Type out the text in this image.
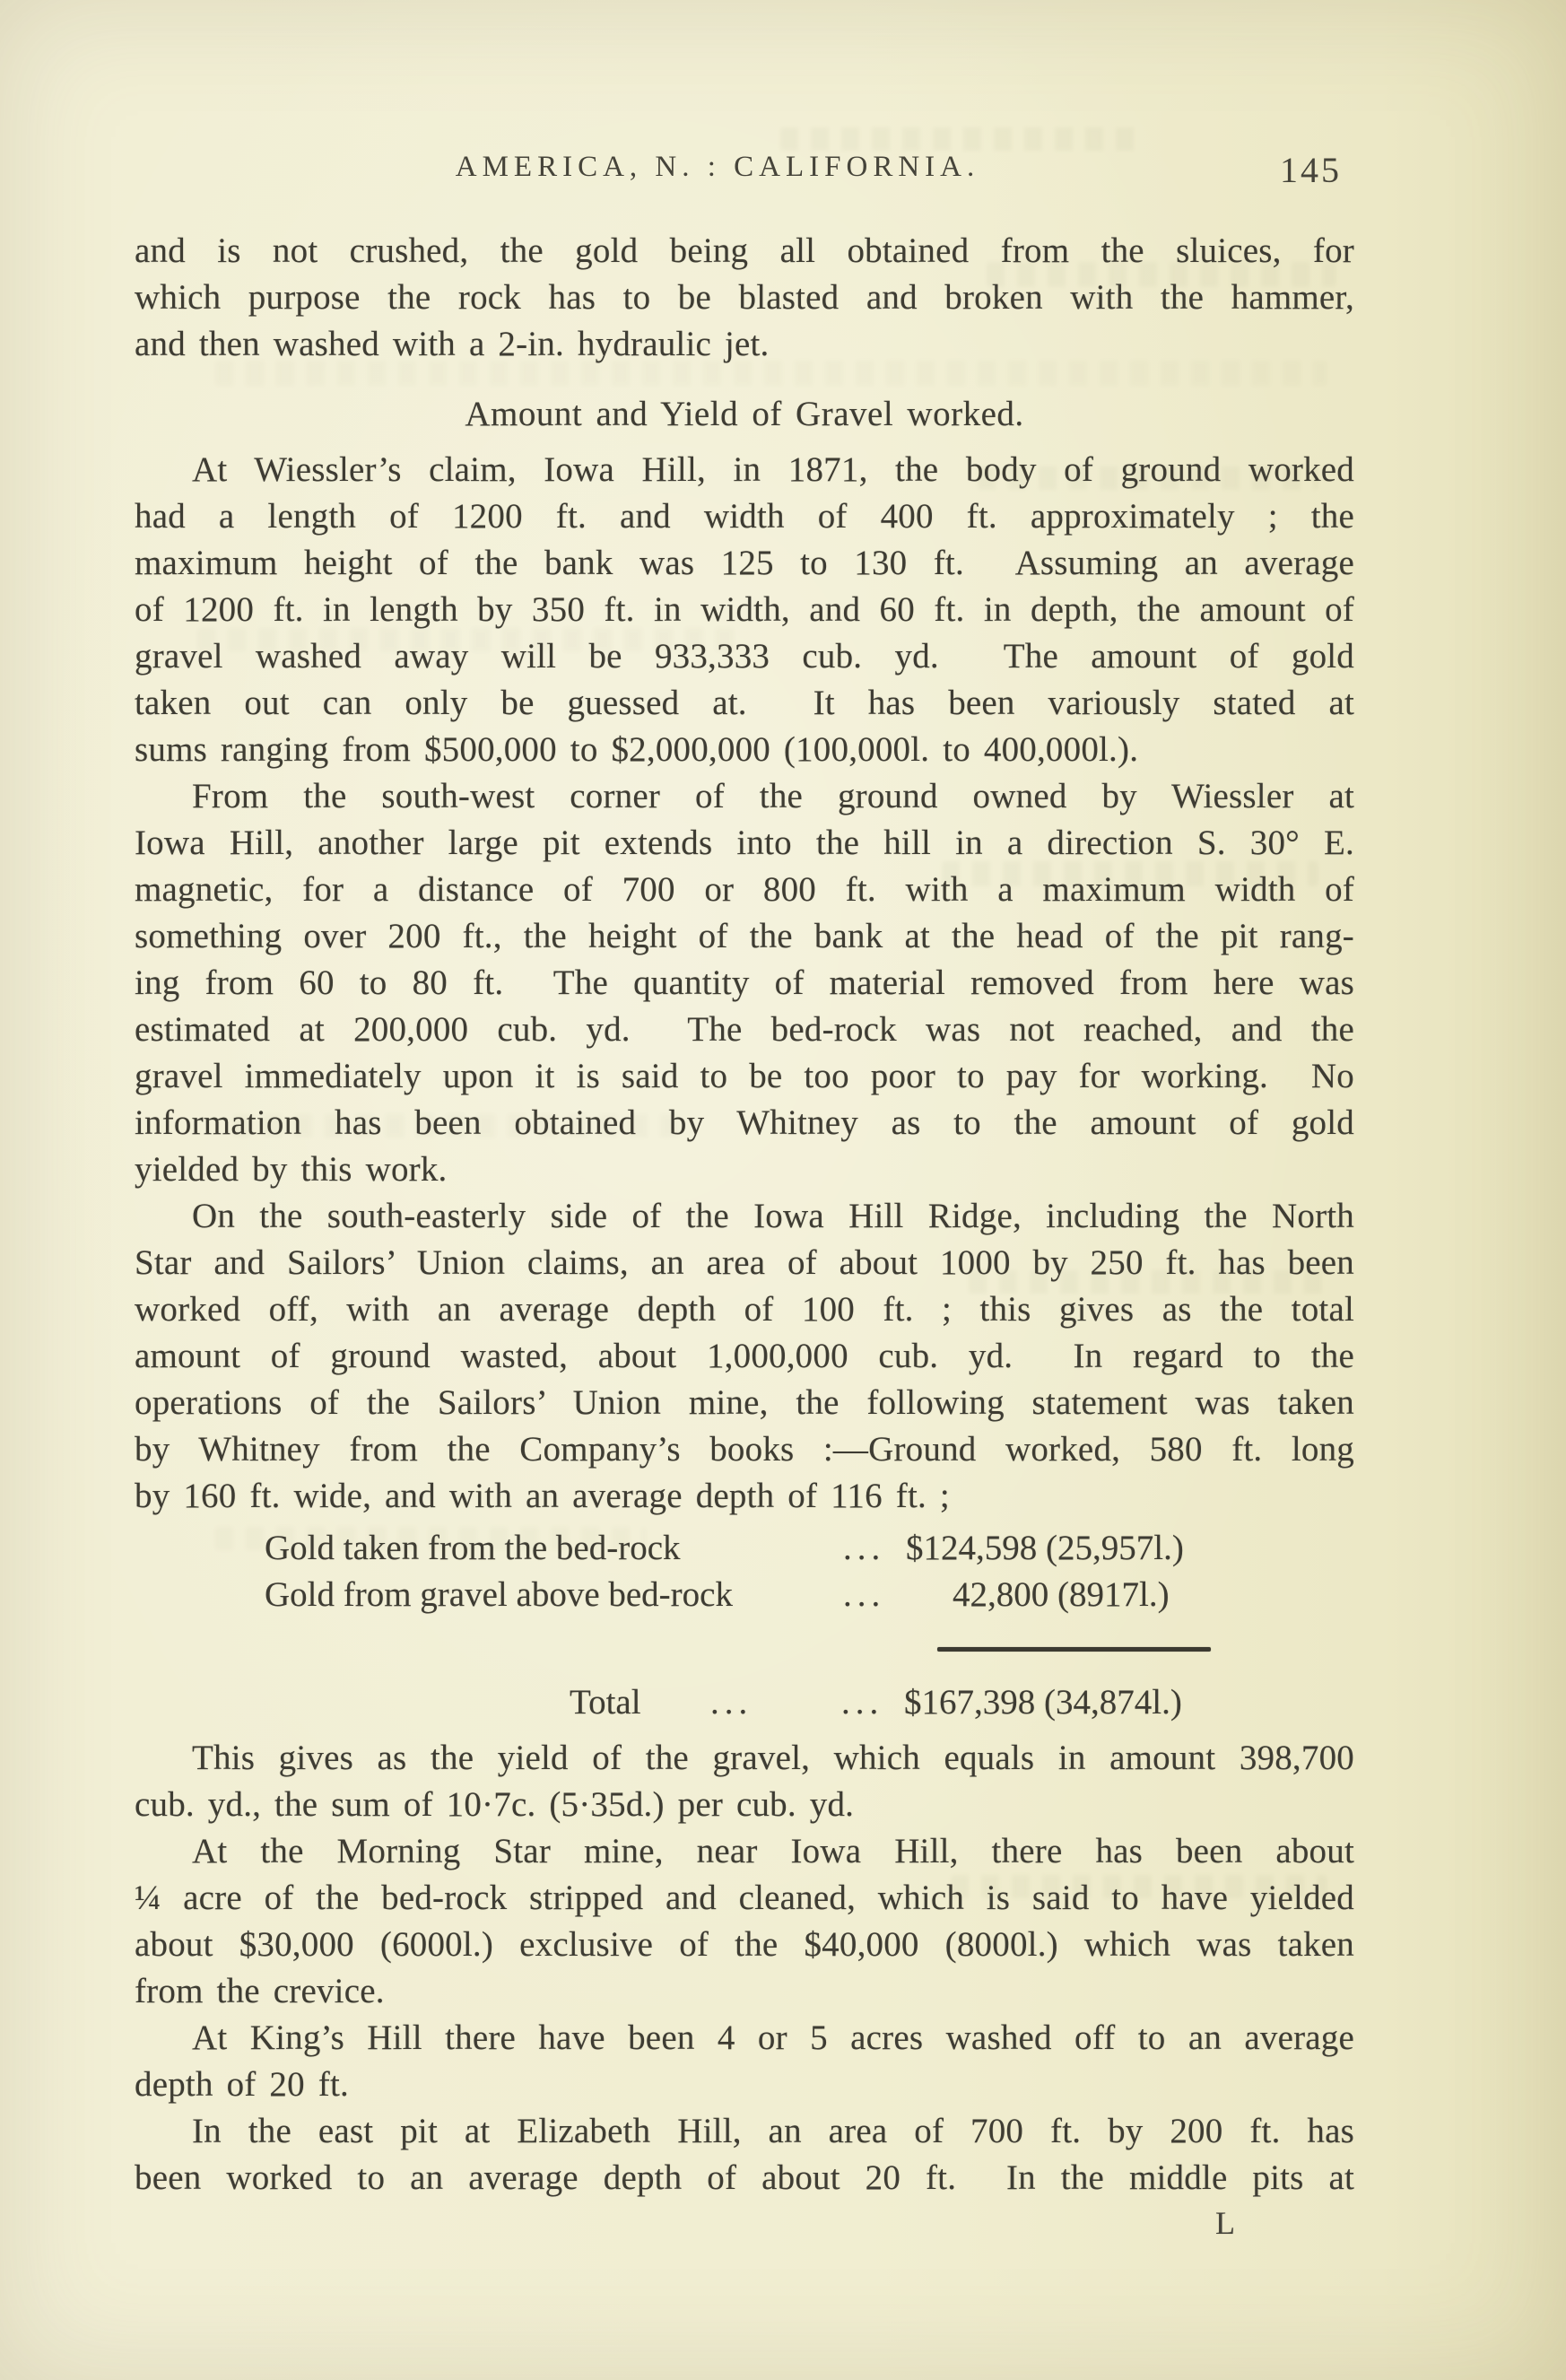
AMERICA, N. : CALIFORNIA.	145
and is not crushed, the gold being all obtained from the sluices, for
which purpose the rock has to be blasted and broken with the hammer,
and then washed with a 2-in. hydraulic jet.
Amount and Yield of Gravel worked.
At Wiessler’s claim, Iowa Hill, in 1871, the body of ground worked
had a length of 1200 ft. and width of 400 ft. approximately ; the
maximum height of the bank was 125 to 130 ft.  Assuming an average
of 1200 ft. in length by 350 ft. in width, and 60 ft. in depth, the amount of
gravel washed away will be 933,333 cub. yd.  The amount of gold
taken out can only be guessed at.  It has been variously stated at
sums ranging from $500,000 to $2,000,000 (100,000l. to 400,000l.).
From the south-west corner of the ground owned by Wiessler at
Iowa Hill, another large pit extends into the hill in a direction S. 30° E.
magnetic, for a distance of 700 or 800 ft. with a maximum width of
something over 200 ft., the height of the bank at the head of the pit rang-
ing from 60 to 80 ft.  The quantity of material removed from here was
estimated at 200,000 cub. yd.  The bed-rock was not reached, and the
gravel immediately upon it is said to be too poor to pay for working.  No
information has been obtained by Whitney as to the amount of gold
yielded by this work.
On the south-easterly side of the Iowa Hill Ridge, including the North
Star and Sailors’ Union claims, an area of about 1000 by 250 ft. has been
worked off, with an average depth of 100 ft. ; this gives as the total
amount of ground wasted, about 1,000,000 cub. yd.  In regard to the
operations of the Sailors’ Union mine, the following statement was taken
by Whitney from the Company’s books :—Ground worked, 580 ft. long
by 160 ft. wide, and with an average depth of 116 ft. ;
Gold taken from the bed-rock	... $124,598 (25,957l.)
Gold from gravel above bed-rock	... 42,800 (8917l.)
Total ...	... $167,398 (34,874l.)
This gives as the yield of the gravel, which equals in amount 398,700
cub. yd., the sum of 10·7c. (5·35d.) per cub. yd.
At the Morning Star mine, near Iowa Hill, there has been about
¼ acre of the bed-rock stripped and cleaned, which is said to have yielded
about $30,000 (6000l.) exclusive of the $40,000 (8000l.) which was taken
from the crevice.
At King’s Hill there have been 4 or 5 acres washed off to an average
depth of 20 ft.
In the east pit at Elizabeth Hill, an area of 700 ft. by 200 ft. has
been worked to an average depth of about 20 ft.  In the middle pits at
L
